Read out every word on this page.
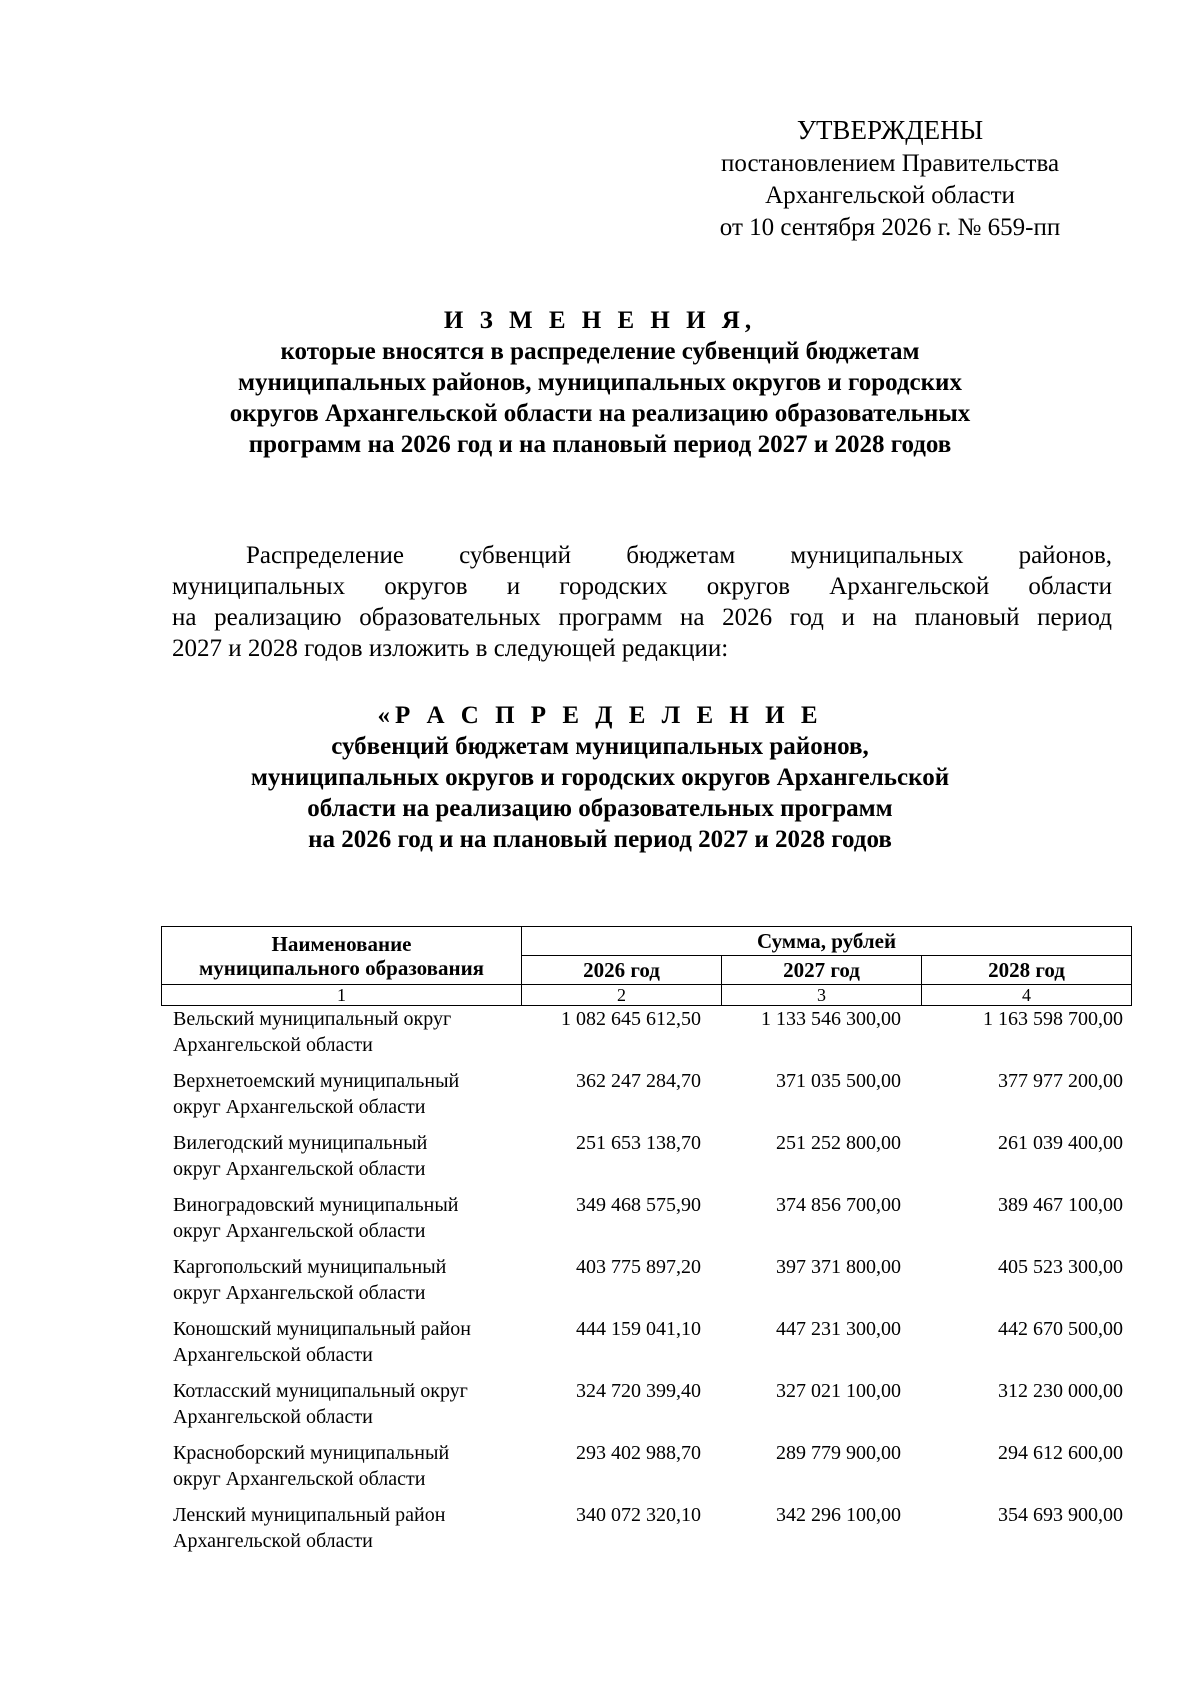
УТВЕРЖДЕНЫ
постановлением Правительства
Архангельской области
от 10 сентября 2026 г. № 659-пп
И З М Е Н Е Н И Я,
которые вносятся в распределение субвенций бюджетам
муниципальных районов, муниципальных округов и городских
округов Архангельской области на реализацию образовательных
программ на 2026 год и на плановый период 2027 и 2028 годов
Распределение субвенций бюджетам муниципальных районов,
муниципальных округов и городских округов Архангельской области
на реализацию образовательных программ на 2026 год и на плановый период
2027 и 2028 годов изложить в следующей редакции:
«Р А С П Р Е Д Е Л Е Н И Е
субвенций бюджетам муниципальных районов,
муниципальных округов и городских округов Архангельской
области на реализацию образовательных программ
на 2026 год и на плановый период 2027 и 2028 годов
Наименование
муниципального образования	Сумма, рублей		
	2026 год	2027 год	2028 год
1	2	3	4
Вельский муниципальный округ
Архангельской области
1 082 645 612,50	1 133 546 300,00	1 163 598 700,00
Верхнетоемский муниципальный
округ Архангельской области
362 247 284,70	371 035 500,00	377 977 200,00
Вилегодский муниципальный
округ Архангельской области
251 653 138,70	251 252 800,00	261 039 400,00
Виноградовский муниципальный
округ Архангельской области
349 468 575,90	374 856 700,00	389 467 100,00
Каргопольский муниципальный
округ Архангельской области
403 775 897,20	397 371 800,00	405 523 300,00
Коношский муниципальный район
Архангельской области
444 159 041,10	447 231 300,00	442 670 500,00
Котласский муниципальный округ
Архангельской области
324 720 399,40	327 021 100,00	312 230 000,00
Красноборский муниципальный
округ Архангельской области
293 402 988,70	289 779 900,00	294 612 600,00
Ленский муниципальный район
Архангельской области
340 072 320,10	342 296 100,00	354 693 900,00
